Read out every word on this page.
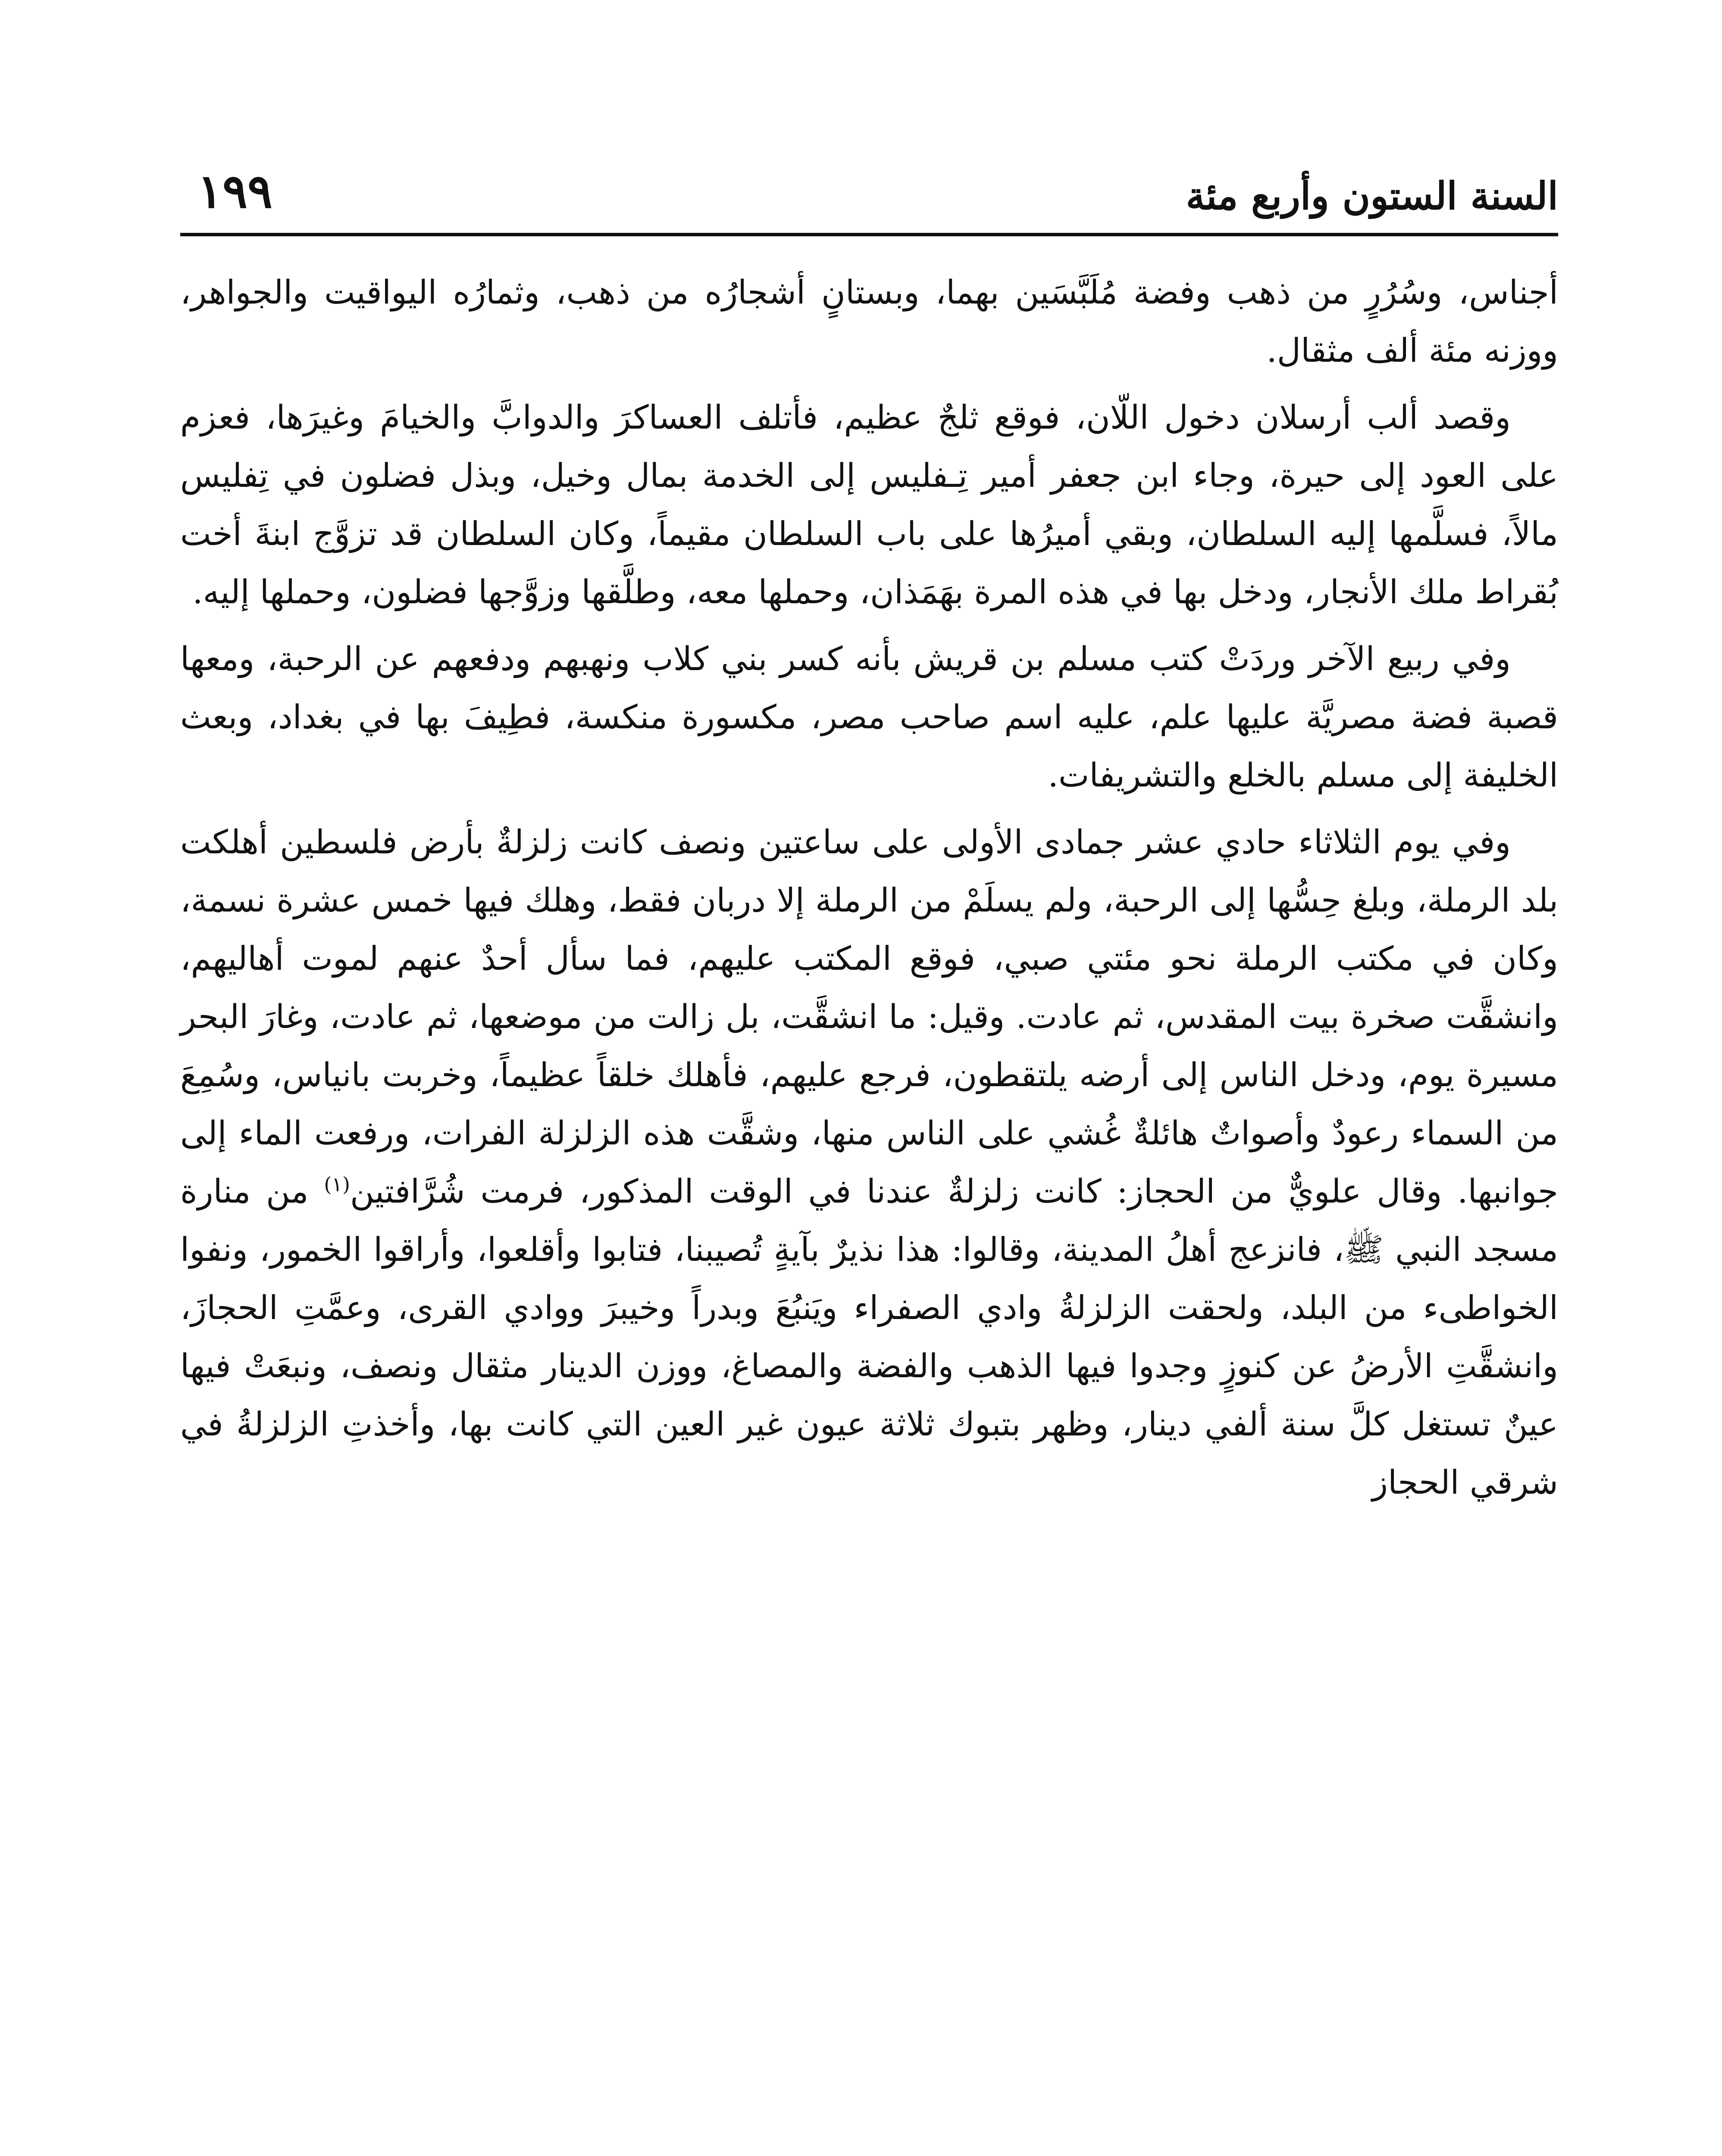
السنة الستون وأربع مئة
١٩٩

أجناس، وسُرُرٍ من ذهب وفضة مُلَبَّسَين بهما، وبستانٍ أشجارُه من ذهب، وثمارُه اليواقيت والجواهر، ووزنه مئة ألف مثقال.

وقصد ألب أرسلان دخول اللّان، فوقع ثلجٌ عظيم، فأتلف العساكرَ والدوابَّ والخيامَ وغيرَها، فعزم على العود إلى حيرة، وجاء ابن جعفر أمير تِـفليس إلى الخدمة بمال وخيل، وبذل فضلون في تِفليس مالاً، فسلَّمها إليه السلطان، وبقي أميرُها على باب السلطان مقيماً، وكان السلطان قد تزوَّج ابنةَ أخت بُقراط ملك الأنجار، ودخل بها في هذه المرة بهَمَذان، وحملها معه، وطلَّقها وزوَّجها فضلون، وحملها إليه.

وفي ربيع الآخر وردَتْ كتب مسلم بن قريش بأنه كسر بني كلاب ونهبهم ودفعهم عن الرحبة، ومعها قصبة فضة مصريَّة عليها علم، عليه اسم صاحب مصر، مكسورة منكسة، فطِيفَ بها في بغداد، وبعث الخليفة إلى مسلم بالخلع والتشريفات.

وفي يوم الثلاثاء حادي عشر جمادى الأولى على ساعتين ونصف كانت زلزلةٌ بأرض فلسطين أهلكت بلد الرملة، وبلغ حِسُّها إلى الرحبة، ولم يسلَمْ من الرملة إلا دربان فقط، وهلك فيها خمس عشرة نسمة، وكان في مكتب الرملة نحو مئتي صبي، فوقع المكتب عليهم، فما سأل أحدٌ عنهم لموت أهاليهم، وانشقَّت صخرة بيت المقدس، ثم عادت. وقيل: ما انشقَّت، بل زالت من موضعها، ثم عادت، وغارَ البحر مسيرة يوم، ودخل الناس إلى أرضه يلتقطون، فرجع عليهم، فأهلك خلقاً عظيماً، وخربت بانياس، وسُمِعَ من السماء رعودٌ وأصواتٌ هائلةٌ غُشي على الناس منها، وشقَّت هذه الزلزلة الفرات، ورفعت الماء إلى جوانبها. وقال علويٌّ من الحجاز: كانت زلزلةٌ عندنا في الوقت المذكور، فرمت شُرَّافتين$^{(١)}$ من منارة مسجد النبي ﷺ، فانزعج أهلُ المدينة، وقالوا: هذا نذيرٌ بآيةٍ تُصيبنا، فتابوا وأقلعوا، وأراقوا الخمور، ونفوا الخواطىء من البلد، ولحقت الزلزلةُ وادي الصفراء ويَنبُعَ وبدراً وخيبرَ ووادي القرى، وعمَّتِ الحجازَ، وانشقَّتِ الأرضُ عن كنوزٍ وجدوا فيها الذهب والفضة والمصاغ، ووزن الدينار مثقال ونصف، ونبعَتْ فيها عينٌ تستغل كلَّ سنة ألفي دينار، وظهر بتبوك ثلاثة عيون غير العين التي كانت بها، وأخذتِ الزلزلةُ في شرقي الحجاز
